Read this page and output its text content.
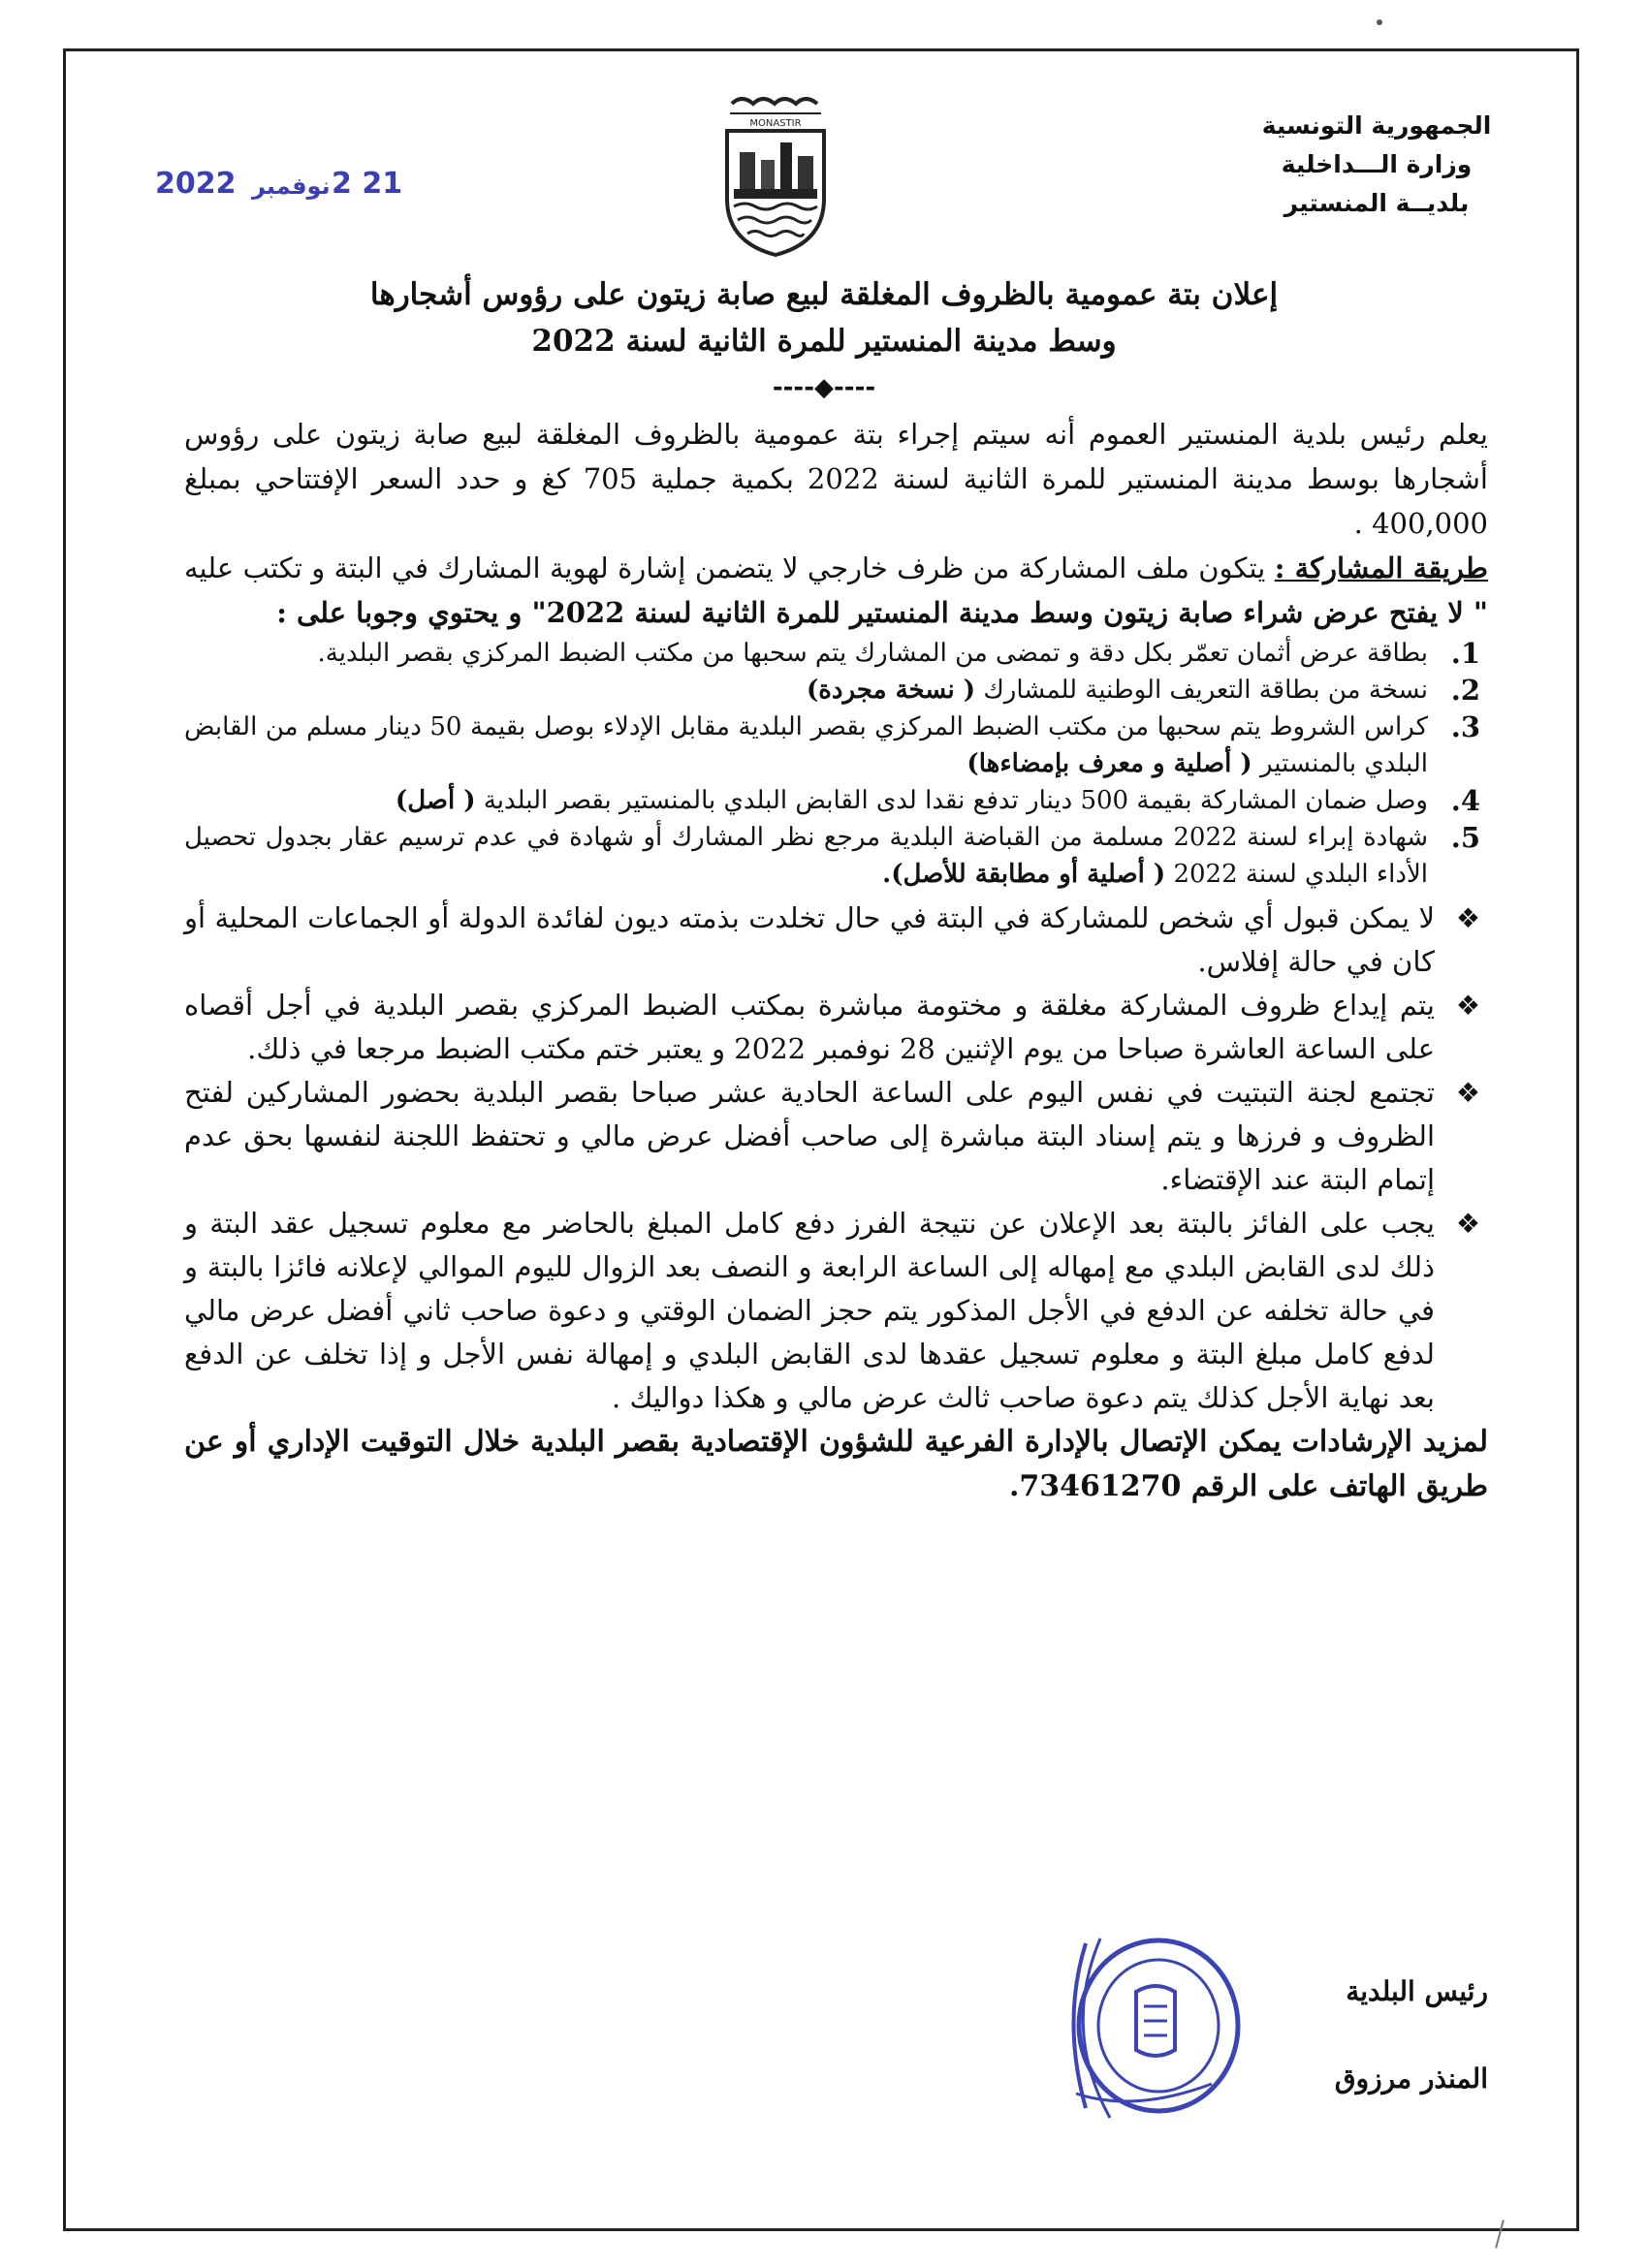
الجمهورية التونسية
وزارة الـــداخلية
بلديــة المنستير
MONASTIR
2022 نوفمبر 2 21
إعلان بتة عمومية بالظروف المغلقة لبيع صابة زيتون على رؤوس أشجارها
وسط مدينة المنستير للمرة الثانية لسنة 2022
----◆----

يعلم رئيس بلدية المنستير العموم أنه سيتم إجراء بتة عمومية بالظروف المغلقة لبيع صابة زيتون على رؤوس أشجارها بوسط مدينة المنستير للمرة الثانية لسنة 2022 بكمية جملية 705 كغ و حدد السعر الإفتتاحي بمبلغ 400,000 .

طريقة المشاركة : يتكون ملف المشاركة من ظرف خارجي لا يتضمن إشارة لهوية المشارك في البتة و تكتب عليه " لا يفتح عرض شراء صابة زيتون وسط مدينة المنستير للمرة الثانية لسنة 2022" و يحتوي وجوبا على :

1.
بطاقة عرض أثمان تعمّر بكل دقة و تمضى من المشارك يتم سحبها من مكتب الضبط المركزي بقصر البلدية.
2.
نسخة من بطاقة التعريف الوطنية للمشارك ( نسخة مجردة)
3.
كراس الشروط يتم سحبها من مكتب الضبط المركزي بقصر البلدية مقابل الإدلاء بوصل بقيمة 50 دينار مسلم من القابض البلدي بالمنستير ( أصلية و معرف بإمضاءها)
4.
وصل ضمان المشاركة بقيمة 500 دينار تدفع نقدا لدى القابض البلدي بالمنستير بقصر البلدية ( أصل)
5.
شهادة إبراء لسنة 2022 مسلمة من القباضة البلدية مرجع نظر المشارك أو شهادة في عدم ترسيم عقار بجدول تحصيل الأداء البلدي لسنة 2022 ( أصلية أو مطابقة للأصل).
❖
لا يمكن قبول أي شخص للمشاركة في البتة في حال تخلدت بذمته ديون لفائدة الدولة أو الجماعات المحلية أو كان في حالة إفلاس.
❖
يتم إيداع ظروف المشاركة مغلقة و مختومة مباشرة بمكتب الضبط المركزي بقصر البلدية في أجل أقصاه على الساعة العاشرة صباحا من يوم الإثنين 28 نوفمبر 2022 و يعتبر ختم مكتب الضبط مرجعا في ذلك.
❖
تجتمع لجنة التبتيت في نفس اليوم على الساعة الحادية عشر صباحا بقصر البلدية بحضور المشاركين لفتح الظروف و فرزها و يتم إسناد البتة مباشرة إلى صاحب أفضل عرض مالي و تحتفظ اللجنة لنفسها بحق عدم إتمام البتة عند الإقتضاء.
❖
يجب على الفائز بالبتة بعد الإعلان عن نتيجة الفرز دفع كامل المبلغ بالحاضر مع معلوم تسجيل عقد البتة و ذلك لدى القابض البلدي مع إمهاله إلى الساعة الرابعة و النصف بعد الزوال لليوم الموالي لإعلانه فائزا بالبتة و في حالة تخلفه عن الدفع في الأجل المذكور يتم حجز الضمان الوقتي و دعوة صاحب ثاني أفضل عرض مالي لدفع كامل مبلغ البتة و معلوم تسجيل عقدها لدى القابض البلدي و إمهالة نفس الأجل و إذا تخلف عن الدفع بعد نهاية الأجل كذلك يتم دعوة صاحب ثالث عرض مالي و هكذا دواليك .

لمزيد الإرشادات يمكن الإتصال بالإدارة الفرعية للشؤون الإقتصادية بقصر البلدية خلال التوقيت الإداري أو عن طريق الهاتف على الرقم 73461270.

رئيس البلدية
المنذر مرزوق
